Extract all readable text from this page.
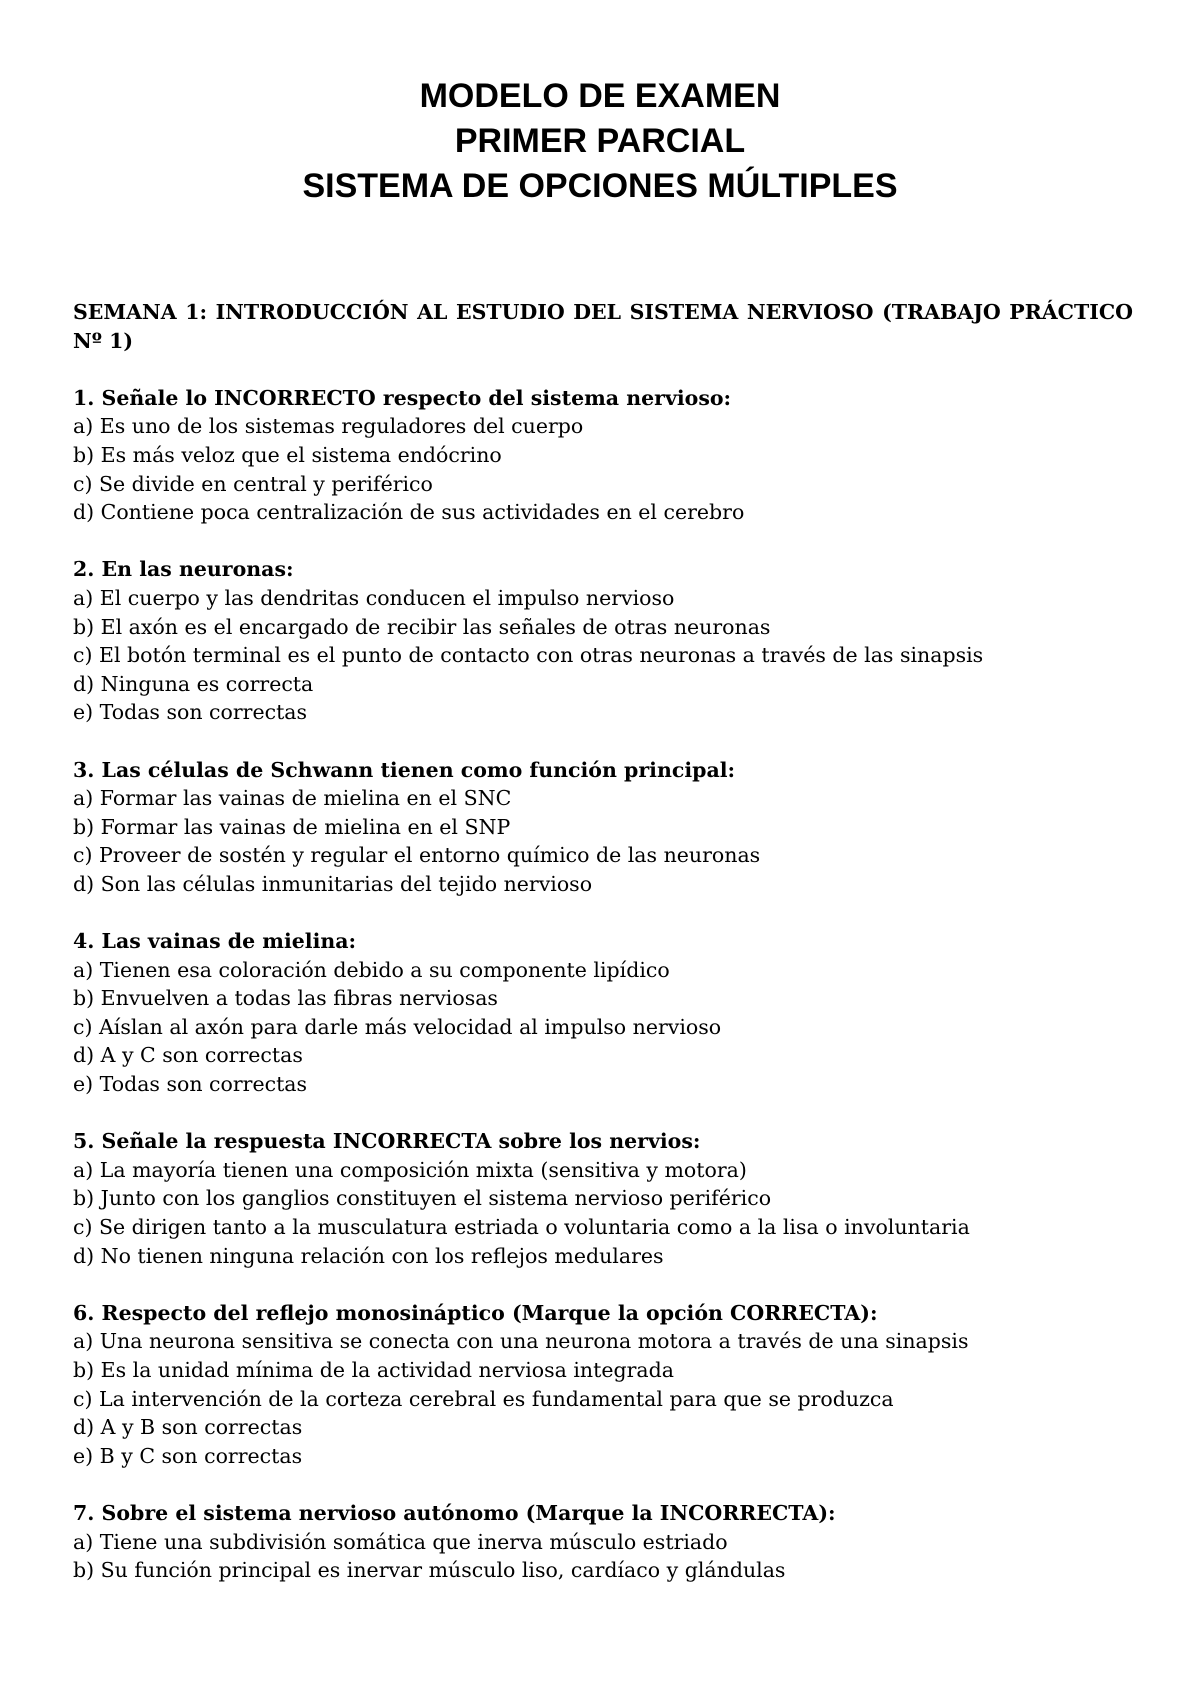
MODELO DE EXAMEN
PRIMER PARCIAL
SISTEMA DE OPCIONES MÚLTIPLES

SEMANA 1: INTRODUCCIÓN AL ESTUDIO DEL SISTEMA NERVIOSO (TRABAJO PRÁCTICO Nº 1)

1. Señale lo INCORRECTO respecto del sistema nervioso:

a) Es uno de los sistemas reguladores del cuerpo

b) Es más veloz que el sistema endócrino

c) Se divide en central y periférico

d) Contiene poca centralización de sus actividades en el cerebro

2. En las neuronas:

a) El cuerpo y las dendritas conducen el impulso nervioso

b) El axón es el encargado de recibir las señales de otras neuronas

c) El botón terminal es el punto de contacto con otras neuronas a través de las sinapsis

d) Ninguna es correcta

e) Todas son correctas

3. Las células de Schwann tienen como función principal:

a) Formar las vainas de mielina en el SNC

b) Formar las vainas de mielina en el SNP

c) Proveer de sostén y regular el entorno químico de las neuronas

d) Son las células inmunitarias del tejido nervioso

4. Las vainas de mielina:

a) Tienen esa coloración debido a su componente lipídico

b) Envuelven a todas las fibras nerviosas

c) Aíslan al axón para darle más velocidad al impulso nervioso

d) A y C son correctas

e) Todas son correctas

5. Señale la respuesta INCORRECTA sobre los nervios:

a) La mayoría tienen una composición mixta (sensitiva y motora)

b) Junto con los ganglios constituyen el sistema nervioso periférico

c) Se dirigen tanto a la musculatura estriada o voluntaria como a la lisa o involuntaria

d) No tienen ninguna relación con los reflejos medulares

6. Respecto del reflejo monosináptico (Marque la opción CORRECTA):

a) Una neurona sensitiva se conecta con una neurona motora a través de una sinapsis

b) Es la unidad mínima de la actividad nerviosa integrada

c) La intervención de la corteza cerebral es fundamental para que se produzca

d) A y B son correctas

e) B y C son correctas

7. Sobre el sistema nervioso autónomo (Marque la INCORRECTA):

a) Tiene una subdivisión somática que inerva músculo estriado

b) Su función principal es inervar músculo liso, cardíaco y glándulas
